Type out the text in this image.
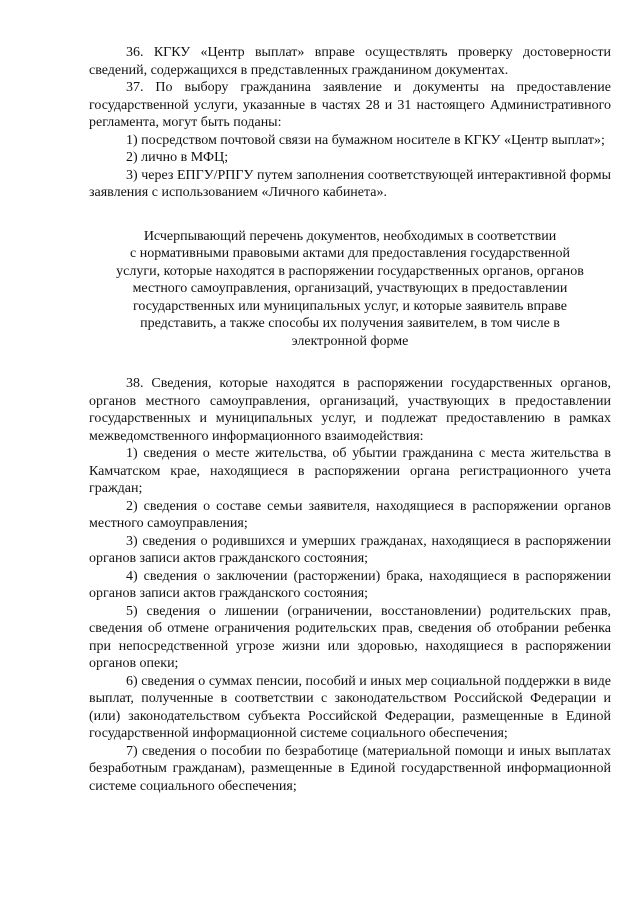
36. КГКУ «Центр выплат» вправе осуществлять проверку достоверности сведений, содержащихся в представленных гражданином документах.

37. По выбору гражданина заявление и документы на предоставление государственной услуги, указанные в частях 28 и 31 настоящего Административного регламента, могут быть поданы:

1) посредством почтовой связи на бумажном носителе в КГКУ «Центр выплат»;

2) лично в МФЦ;

3) через ЕПГУ/РПГУ путем заполнения соответствующей интерактивной формы заявления с использованием «Личного кабинета».

Исчерпывающий перечень документов, необходимых в соответствии
с нормативными правовыми актами для предоставления государственной
услуги, которые находятся в распоряжении государственных органов, органов
местного самоуправления, организаций, участвующих в предоставлении
государственных или муниципальных услуг, и которые заявитель вправе
представить, а также способы их получения заявителем, в том числе в
электронной форме

38. Сведения, которые находятся в распоряжении государственных органов, органов местного самоуправления, организаций, участвующих в предоставлении государственных и муниципальных услуг, и подлежат предоставлению в рамках межведомственного информационного взаимодействия:

1) сведения о месте жительства, об убытии гражданина с места жительства в Камчатском крае, находящиеся в распоряжении органа регистрационного учета граждан;

2) сведения о составе семьи заявителя, находящиеся в распоряжении органов местного самоуправления;

3) сведения о родившихся и умерших гражданах, находящиеся в распоряжении органов записи актов гражданского состояния;

4) сведения о заключении (расторжении) брака, находящиеся в распоряжении органов записи актов гражданского состояния;

5) сведения о лишении (ограничении, восстановлении) родительских прав, сведения об отмене ограничения родительских прав, сведения об отобрании ребенка при непосредственной угрозе жизни или здоровью, находящиеся в распоряжении органов опеки;

6) сведения о суммах пенсии, пособий и иных мер социальной поддержки в виде выплат, полученные в соответствии с законодательством Российской Федерации и (или) законодательством субъекта Российской Федерации, размещенные в Единой государственной информационной системе социального обеспечения;

7) сведения о пособии по безработице (материальной помощи и иных выплатах безработным гражданам), размещенные в Единой государственной информационной системе социального обеспечения;
